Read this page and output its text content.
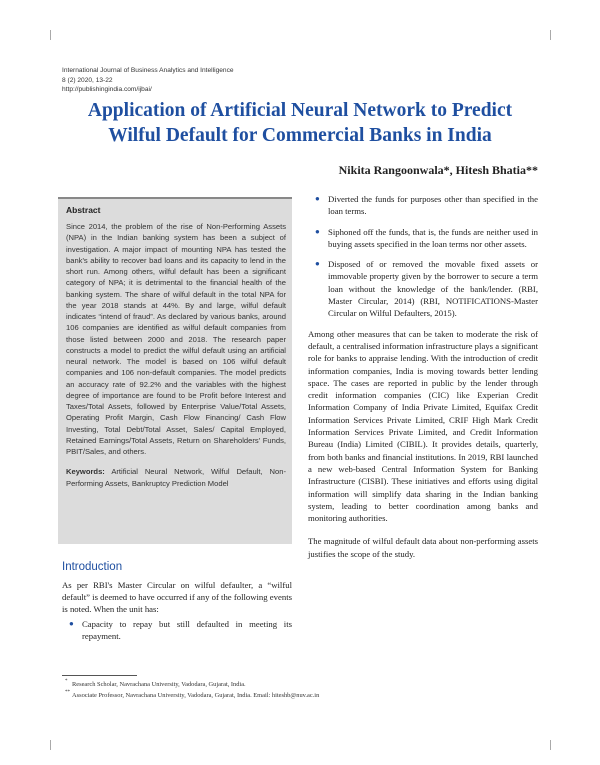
International Journal of Business Analytics and Intelligence
8 (2) 2020, 13-22
http://publishingindia.com/ijbai/
Application of Artificial Neural Network to Predict
Wilful Default for Commercial Banks in India
Nikita Rangoonwala*, Hitesh Bhatia**
Abstract

Since 2014, the problem of the rise of Non-Performing Assets (NPA) in the Indian banking system has been a subject of investigation. A major impact of mounting NPA has tested the bank's ability to recover bad loans and its capacity to lend in the short run. Among others, wilful default has been a significant category of NPA; it is detrimental to the financial health of the banking system. The share of wilful default in the total NPA for the year 2018 stands at 44%. By and large, wilful default indicates “intend of fraud”. As declared by various banks, around 106 companies are identified as wilful default companies from those listed between 2000 and 2018. The research paper constructs a model to predict the wilful default using an artificial neural network. The model is based on 106 wilful default companies and 106 non-default companies. The model predicts an accuracy rate of 92.2% and the variables with the highest degree of importance are found to be Profit before Interest and Taxes/Total Assets, followed by Enterprise Value/Total Assets, Operating Profit Margin, Cash Flow Financing/ Cash Flow Investing, Total Debt/Total Asset, Sales/ Capital Employed, Retained Earnings/Total Assets, Return on Shareholders' Funds, PBIT/Sales, and others.

Keywords: Artificial Neural Network, Wilful Default, Non-Performing Assets, Bankruptcy Prediction Model

Introduction

As per RBI's Master Circular on wilful defaulter, a “wilful default” is deemed to have occurred if any of the following events is noted. When the unit has:

● Capacity to repay but still defaulted in meeting its repayment.
● Diverted the funds for purposes other than specified in the loan terms.
● Siphoned off the funds, that is, the funds are neither used in buying assets specified in the loan terms nor other assets.
● Disposed of or removed the movable fixed assets or immovable property given by the borrower to secure a term loan without the knowledge of the bank/lender. (RBI, Master Circular, 2014) (RBI, NOTIFICATIONS-Master Circular on Wilful Defaulters, 2015).

Among other measures that can be taken to moderate the risk of default, a centralised information infrastructure plays a significant role for banks to appraise lending. With the introduction of credit information companies, India is moving towards better lending space. The cases are reported in public by the lender through credit information companies (CIC) like Experian Credit Information Company of India Private Limited, Equifax Credit Information Services Private Limited, CRIF High Mark Credit Information Services Private Limited, and Credit Information Bureau (India) Limited (CIBIL). It provides details, quarterly, from both banks and financial institutions. In 2019, RBI launched a new web-based Central Information System for Banking Infrastructure (CISBI). These initiatives and efforts using digital information will simplify data sharing in the Indian banking system, leading to better coordination among banks and monitoring authorities.

The magnitude of wilful default data about non-performing assets justifies the scope of the study.

* Research Scholar, Navrachana University, Vadodara, Gujarat, India.
** Associate Professor, Navrachana University, Vadodara, Gujarat, India. Email: hiteshb@nuv.ac.in
